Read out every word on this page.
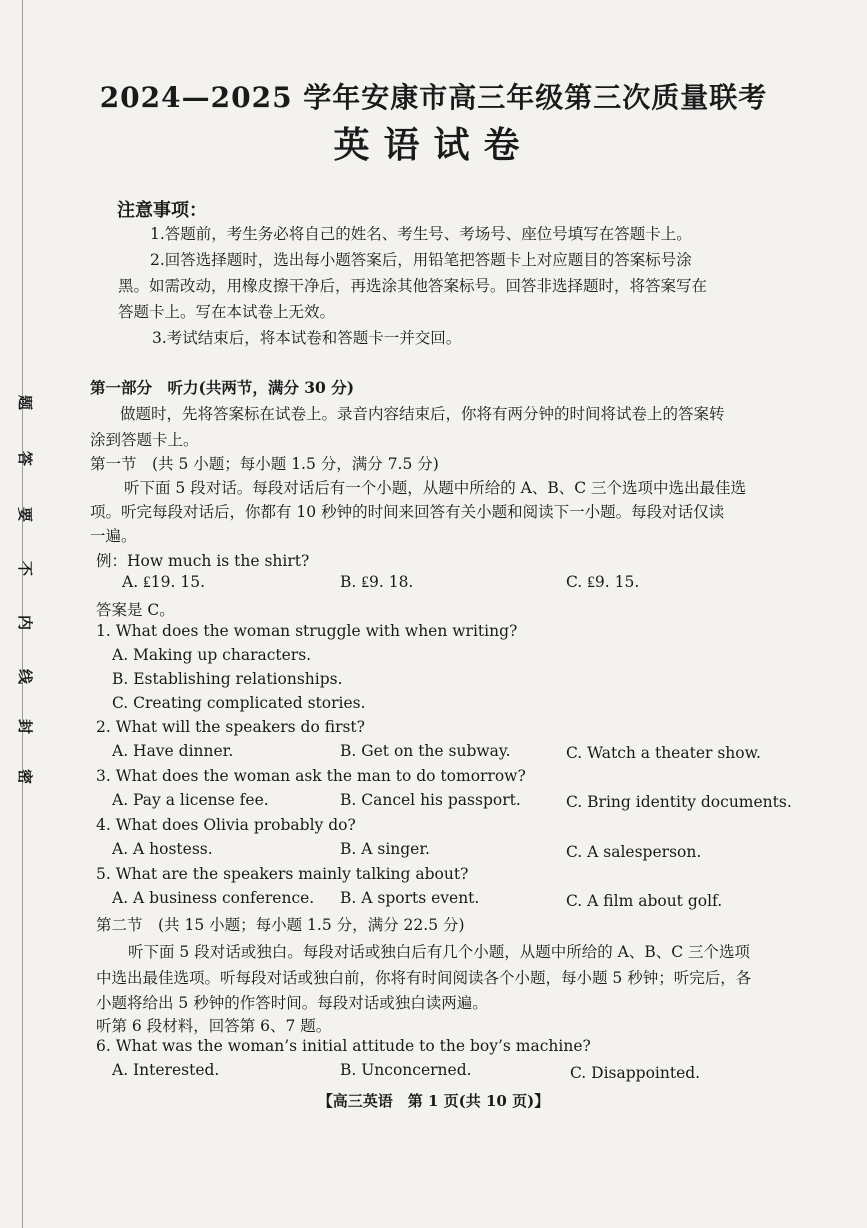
题
答
要
不
内
线
封
密
2024—2025 学年安康市高三年级第三次质量联考
英语试卷
注意事项：
1.答题前，考生务必将自己的姓名、考生号、考场号、座位号填写在答题卡上。
2.回答选择题时，选出每小题答案后，用铅笔把答题卡上对应题目的答案标号涂
黑。如需改动，用橡皮擦干净后，再选涂其他答案标号。回答非选择题时，将答案写在
答题卡上。写在本试卷上无效。
3.考试结束后，将本试卷和答题卡一并交回。
第一部分　听力(共两节，满分 30 分)
做题时，先将答案标在试卷上。录音内容结束后，你将有两分钟的时间将试卷上的答案转
涂到答题卡上。
第一节　(共 5 小题；每小题 1.5 分，满分 7.5 分)
听下面 5 段对话。每段对话后有一个小题，从题中所给的 A、B、C 三个选项中选出最佳选
项。听完每段对话后，你都有 10 秒钟的时间来回答有关小题和阅读下一小题。每段对话仅读
一遍。
例：How much is the shirt?
A. ₤19. 15.	B. ₤9. 18.	C. ₤9. 15.
答案是 C。
1. What does the woman struggle with when writing?
A. Making up characters.
B. Establishing relationships.
C. Creating complicated stories.
2. What will the speakers do first?
A. Have dinner.	B. Get on the subway.	C. Watch a theater show.
3. What does the woman ask the man to do tomorrow?
A. Pay a license fee.	B. Cancel his passport.	C. Bring identity documents.
4. What does Olivia probably do?
A. A hostess.	B. A singer.	C. A salesperson.
5. What are the speakers mainly talking about?
A. A business conference. B. A sports event.	C. A film about golf.
第二节　(共 15 小题；每小题 1.5 分，满分 22.5 分)
听下面 5 段对话或独白。每段对话或独白后有几个小题，从题中所给的 A、B、C 三个选项
中选出最佳选项。听每段对话或独白前，你将有时间阅读各个小题，每小题 5 秒钟；听完后，各
小题将给出 5 秒钟的作答时间。每段对话或独白读两遍。
听第 6 段材料，回答第 6、7 题。
6. What was the woman’s initial attitude to the boy’s machine?
A. Interested.	B. Unconcerned.	C. Disappointed.
【高三英语　第 1 页(共 10 页)】
